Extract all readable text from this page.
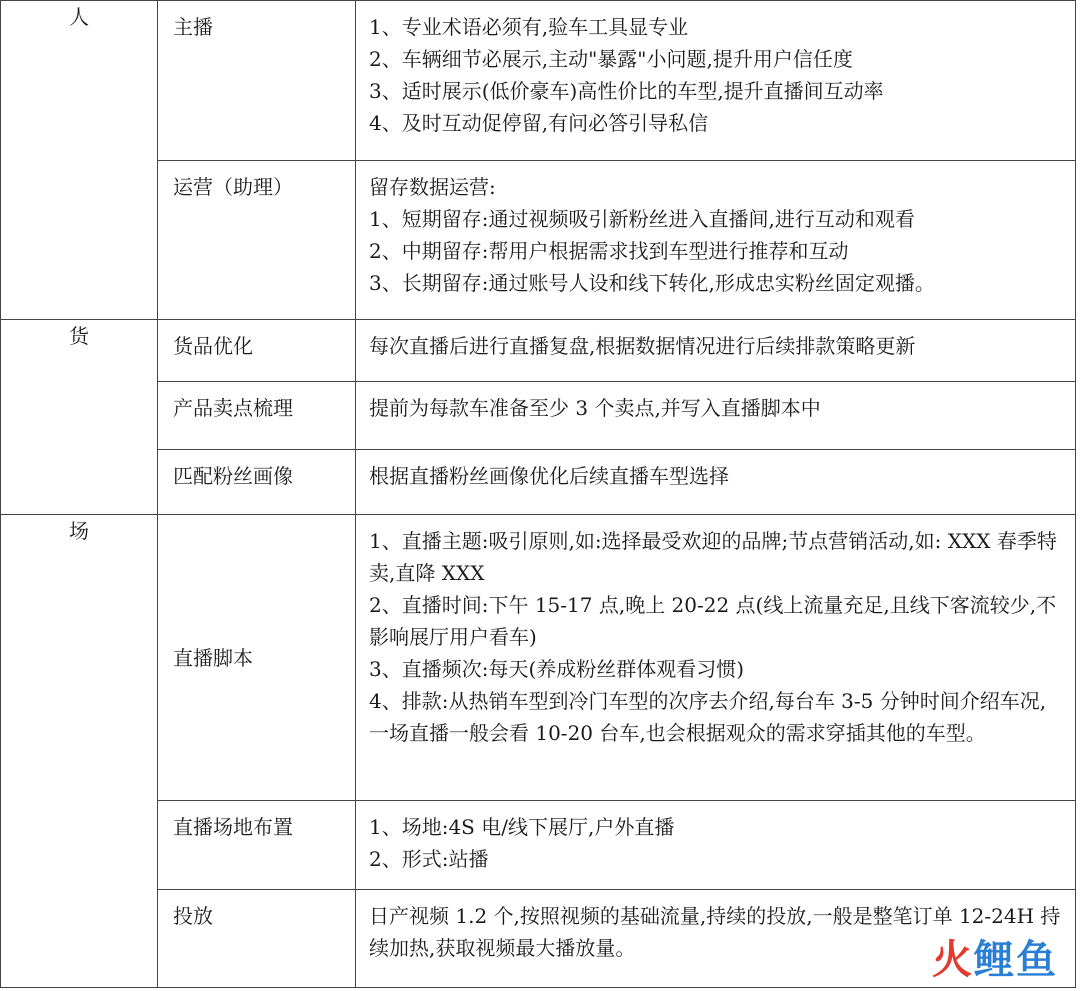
人	主播	1、专业术语必须有,验车工具显专业
2、车辆细节必展示,主动"暴露"小问题,提升用户信任度
3、适时展示(低价豪车)高性价比的车型,提升直播间互动率
4、及时互动促停留,有问必答引导私信

	运营（助理）	留存数据运营:
1、短期留存:通过视频吸引新粉丝进入直播间,进行互动和观看
2、中期留存:帮用户根据需求找到车型进行推荐和互动
3、长期留存:通过账号人设和线下转化,形成忠实粉丝固定观播。

货	货品优化	每次直播后进行直播复盘,根据数据情况进行后续排款策略更新

	产品卖点梳理	提前为每款车准备至少 3 个卖点,并写入直播脚本中

	匹配粉丝画像	根据直播粉丝画像优化后续直播车型选择

场	直播脚本	1、直播主题:吸引原则,如:选择最受欢迎的品牌;节点营销活动,如: XXX 春季特卖,直降 XXX
2、直播时间:下午 15-17 点,晚上 20-22 点(线上流量充足,且线下客流较少,不影响展厅用户看车)
3、直播频次:每天(养成粉丝群体观看习惯)
4、排款:从热销车型到冷门车型的次序去介绍,每台车 3-5 分钟时间介绍车况,一场直播一般会看 10-20 台车,也会根据观众的需求穿插其他的车型。

	直播场地布置	1、场地:4S 电/线下展厅,户外直播
2、形式:站播

	投放	日产视频 1.2 个,按照视频的基础流量,持续的投放,一般是整笔订单 12-24H 持续加热,获取视频最大播放量。	火鲤鱼
